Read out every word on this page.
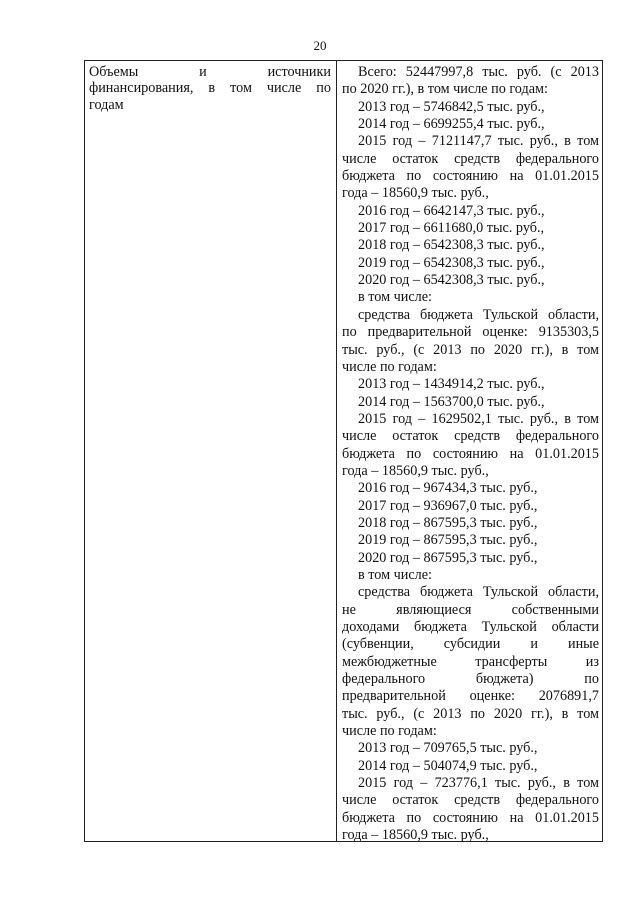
20
Объемы и источники
финансирования, в том числе по
годам
Всего: 52447997,8 тыс. руб. (с 2013
по 2020 гг.), в том числе по годам:
2013 год – 5746842,5 тыс. руб.,
2014 год – 6699255,4 тыс. руб.,
2015 год – 7121147,7 тыс. руб., в том
числе остаток средств федерального
бюджета по состоянию на 01.01.2015
года – 18560,9 тыс. руб.,
2016 год – 6642147,3 тыс. руб.,
2017 год – 6611680,0 тыс. руб.,
2018 год – 6542308,3 тыс. руб.,
2019 год – 6542308,3 тыс. руб.,
2020 год – 6542308,3 тыс. руб.,
в том числе:
средства бюджета Тульской области,
по предварительной оценке: 9135303,5
тыс. руб., (с 2013 по 2020 гг.), в том
числе по годам:
2013 год – 1434914,2 тыс. руб.,
2014 год – 1563700,0 тыс. руб.,
2015 год – 1629502,1 тыс. руб., в том
числе остаток средств федерального
бюджета по состоянию на 01.01.2015
года – 18560,9 тыс. руб.,
2016 год – 967434,3 тыс. руб.,
2017 год – 936967,0 тыс. руб.,
2018 год – 867595,3 тыс. руб.,
2019 год – 867595,3 тыс. руб.,
2020 год – 867595,3 тыс. руб.,
в том числе:
средства бюджета Тульской области,
не являющиеся собственными
доходами бюджета Тульской области
(субвенции, субсидии и иные
межбюджетные трансферты из
федерального бюджета) по
предварительной оценке: 2076891,7
тыс. руб., (с 2013 по 2020 гг.), в том
числе по годам:
2013 год – 709765,5 тыс. руб.,
2014 год – 504074,9 тыс. руб.,
2015 год – 723776,1 тыс. руб., в том
числе остаток средств федерального
бюджета по состоянию на 01.01.2015
года – 18560,9 тыс. руб.,
